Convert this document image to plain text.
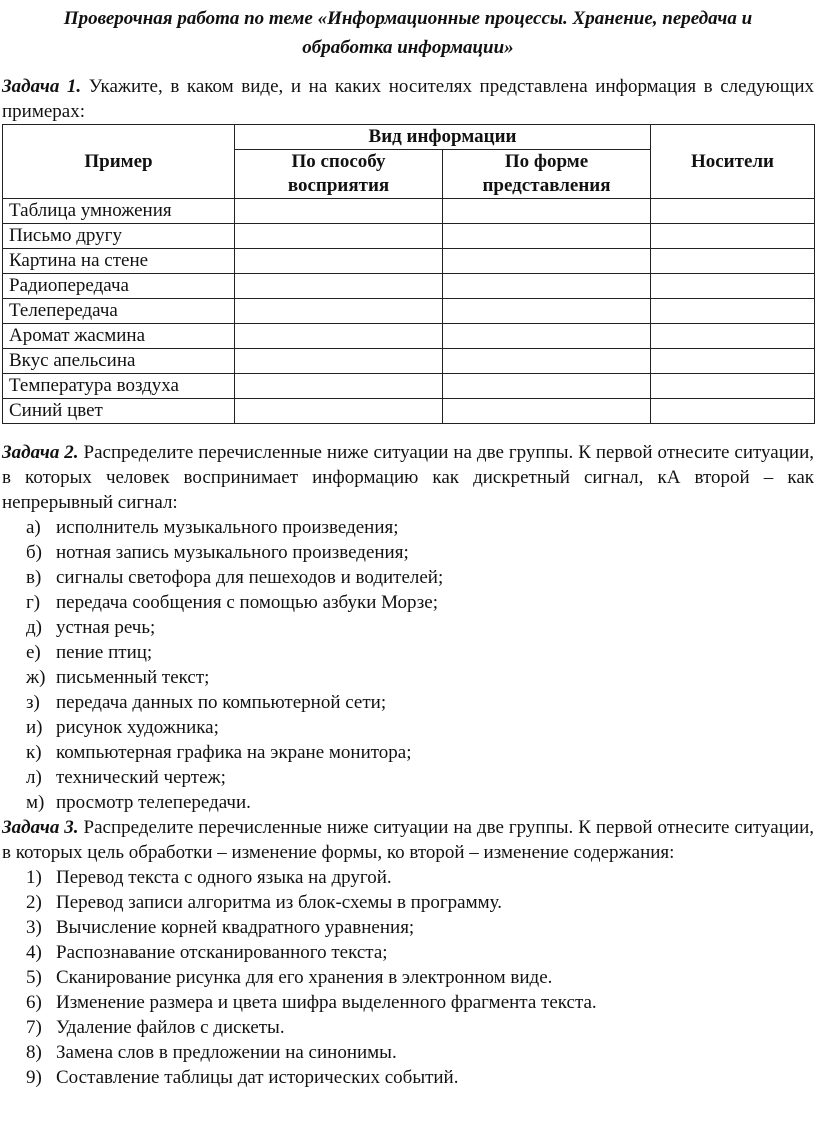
Проверочная работа по теме «Информационные процессы. Хранение, передача и
обработка информации»

Задача 1. Укажите, в каком виде, и на каких носителях представлена информация в следующих примерах:

Пример	Вид информации		Носители
	По способу восприятия	По форме представления	
Таблица умножения			
Письмо другу			
Картина на стене			
Радиопередача			
Телепередача			
Аромат жасмина			
Вкус апельсина			
Температура воздуха			
Синий цвет			

Задача 2. Распределите перечисленные ниже ситуации на две группы. К первой отнесите ситуации, в которых человек воспринимает информацию как дискретный сигнал, кА второй – как непрерывный сигнал:

а) исполнитель музыкального произведения;
б) нотная запись музыкального произведения;
в) сигналы светофора для пешеходов и водителей;
г) передача сообщения с помощью азбуки Морзе;
д) устная речь;
е) пение птиц;
ж) письменный текст;
з) передача данных по компьютерной сети;
и) рисунок художника;
к) компьютерная графика на экране монитора;
л) технический чертеж;
м) просмотр телепередачи.

Задача 3. Распределите перечисленные ниже ситуации на две группы. К первой отнесите ситуации, в которых цель обработки – изменение формы, ко второй – изменение содержания:

1) Перевод текста с одного языка на другой.
2) Перевод записи алгоритма из блок-схемы в программу.
3) Вычисление корней квадратного уравнения;
4) Распознавание отсканированного текста;
5) Сканирование рисунка для его хранения в электронном виде.
6) Изменение размера и цвета шифра выделенного фрагмента текста.
7) Удаление файлов с дискеты.
8) Замена слов в предложении на синонимы.
9) Составление таблицы дат исторических событий.
